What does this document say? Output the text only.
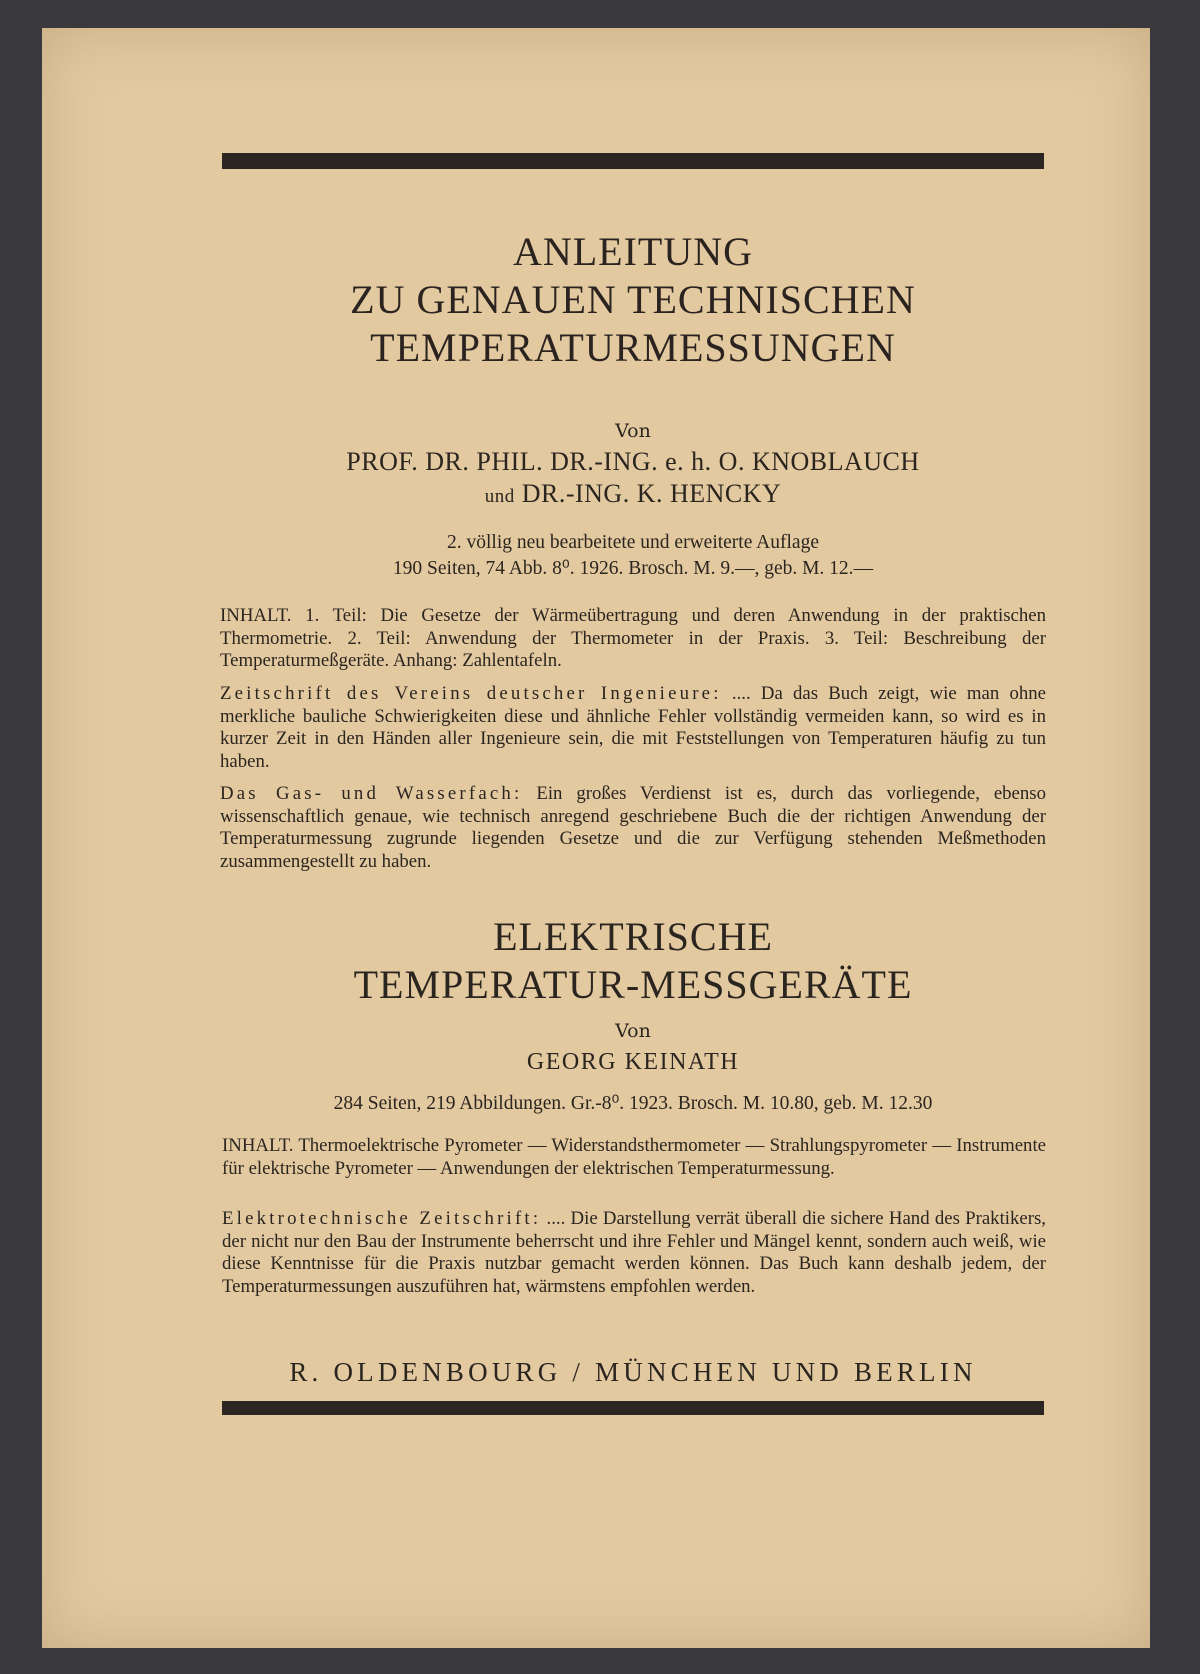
ANLEITUNG
ZU GENAUEN TECHNISCHEN
TEMPERATURMESSUNGEN
Von
PROF. DR. PHIL. DR.-ING. e. h. O. KNOBLAUCH
und DR.-ING. K. HENCKY
2. völlig neu bearbeitete und erweiterte Auflage
190 Seiten, 74 Abb. 8⁰. 1926. Brosch. M. 9.—, geb. M. 12.—
INHALT. 1. Teil: Die Gesetze der Wärmeübertragung und deren Anwendung in der praktischen Thermometrie. 2. Teil: Anwendung der Thermometer in der Praxis. 3. Teil: Beschreibung der Temperaturmeßgeräte. Anhang: Zahlentafeln.
Zeitschrift des Vereins deutscher Ingenieure: .... Da das Buch zeigt, wie man ohne merkliche bauliche Schwierigkeiten diese und ähnliche Fehler vollständig vermeiden kann, so wird es in kurzer Zeit in den Händen aller Ingenieure sein, die mit Feststellungen von Temperaturen häufig zu tun haben.
Das Gas- und Wasserfach: Ein großes Verdienst ist es, durch das vorliegende, ebenso wissenschaftlich genaue, wie technisch anregend geschriebene Buch die der richtigen Anwendung der Temperaturmessung zugrunde liegenden Gesetze und die zur Verfügung stehenden Meßmethoden zusammengestellt zu haben.
ELEKTRISCHE
TEMPERATUR-MESSGERÄTE
Von
GEORG KEINATH
284 Seiten, 219 Abbildungen. Gr.-8⁰. 1923. Brosch. M. 10.80, geb. M. 12.30
INHALT. Thermoelektrische Pyrometer — Widerstandsthermometer — Strahlungspyrometer — Instrumente für elektrische Pyrometer — Anwendungen der elektrischen Temperaturmessung.
Elektrotechnische Zeitschrift: .... Die Darstellung verrät überall die sichere Hand des Praktikers, der nicht nur den Bau der Instrumente beherrscht und ihre Fehler und Mängel kennt, sondern auch weiß, wie diese Kenntnisse für die Praxis nutzbar gemacht werden können. Das Buch kann deshalb jedem, der Temperaturmessungen auszuführen hat, wärmstens empfohlen werden.
R. OLDENBOURG / MÜNCHEN UND BERLIN
